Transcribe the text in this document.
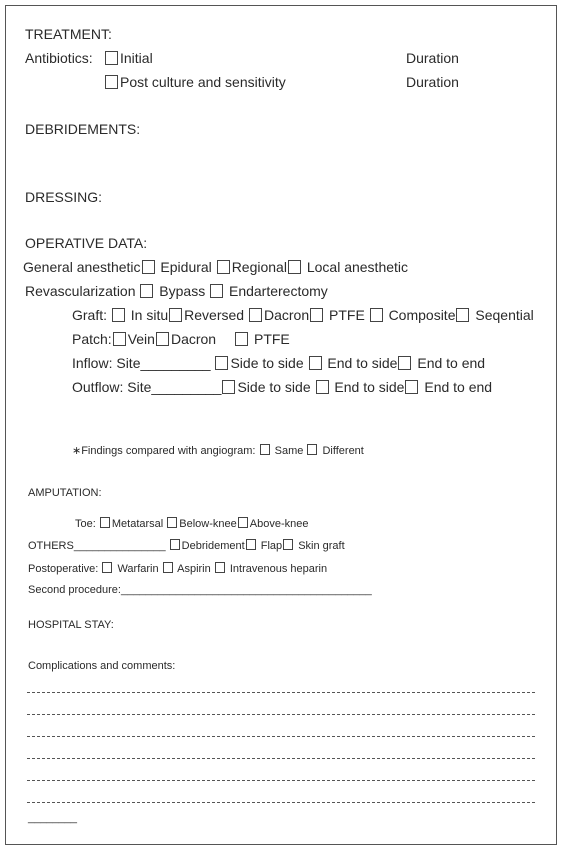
TREATMENT:
Antibiotics:	Initial	Duration
Post culture and sensitivity	Duration
DEBRIDEMENTS:
DRESSING:
OPERATIVE DATA:
General anesthetic Epidural Regional Local anesthetic
Revascularization Bypass Endarterectomy
Graft: In situ Reversed Dacron PTFE Composite Seqential
Patch: Vein Dacron	PTFE
Inflow: Site_________ Side to side End to side End to end
Outflow: Site_________ Side to side End to side End to end
∗Findings compared with angiogram: Same Different
AMPUTATION:
Toe: Metatarsal Below-knee Above-knee
OTHERS_______________ Debridement Flap Skin graft
Postoperative: Warfarin Aspirin Intravenous heparin
Second procedure:_________________________________________
HOSPITAL STAY:
Complications and comments:
________
